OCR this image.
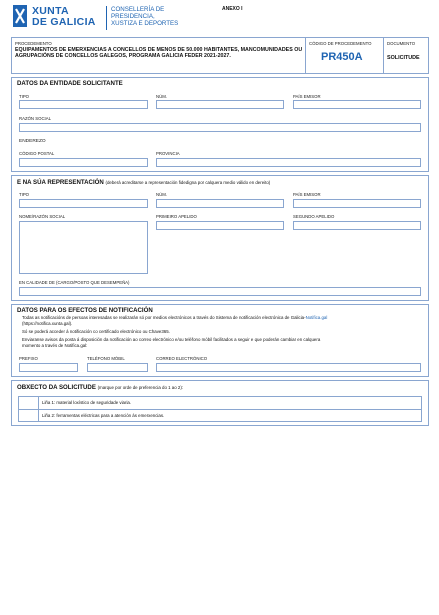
XUNTA
DE GALICIA
CONSELLERÍA DE
PRESIDENCIA,
XUSTIZA E DEPORTES
ANEXO I
PROCEDEMENTO
EQUIPAMENTOS DE EMERXENCIAS A CONCELLOS DE MENOS DE 50.000 HABITANTES, MANCOMUNIDADES OU AGRUPACIÓNS DE CONCELLOS GALEGOS, PROGRAMA GALICIA FEDER 2021-2027.
CÓDIGO DE PROCEDEMENTO
PR450A
DOCUMENTO
SOLICITUDE
DATOS DA ENTIDADE SOLICITANTE
TIPO	NÚM.	PAÍS EMISOR
RAZÓN SOCIAL
ENDEREZO
CÓDIGO POSTAL	PROVINCIA
E NA SÚA REPRESENTACIÓN (deberá acreditarse a representación fidedigna por calquera medio válido en dereito)
TIPO	NÚM.	PAÍS EMISOR
NOME/RAZÓN SOCIAL	PRIMEIRO APELIDO	SEGUNDO APELIDO
EN CALIDADE DE (CARGO/POSTO QUE DESEMPEÑA)
DATOS PARA OS EFECTOS DE NOTIFICACIÓN
Todas as notificacións de persoas interesadas se realizarán só por medios electrónicos a través do Sistema de notificación electrónica de Galicia-Notifica.gal
(https://notifica.xunta.gal).
Só se poderá acceder á notificación co certificado electrónico ou Chave365.
Enviaranse avisos da posta á disposición da notificación ao correo electrónico e/ou teléfono móbil facilitados a seguir e que poderán cambiar en calquera
momento a través de Notifica.gal:
PREFIXO	TELÉFONO MÓBIL	CORREO ELECTRÓNICO
OBXECTO DA SOLICITUDE (marque por orde de preferencia do 1 ao 2):
Liña 1: material loxístico de seguridade viaria.
Liña 2: ferramentas eléctricas para a atención ás emerxencias.
